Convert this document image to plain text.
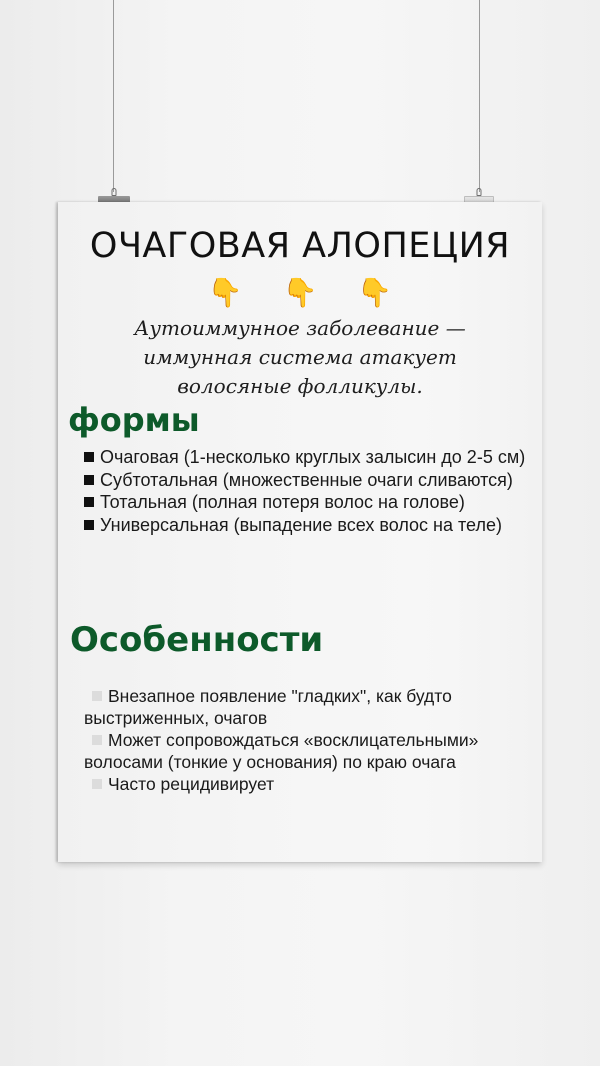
ОЧАГОВАЯ АЛОПЕЦИЯ
👇 👇 👇
Аутоиммунное заболевание —
иммунная система атакует
волосяные фолликулы.
формы

Очаговая (1-несколько круглых залысин до 2-5 см)

Субтотальная (множественные очаги сливаются)

Тотальная (полная потеря волос на голове)

Универсальная (выпадение всех волос на теле)

Особенности

Внезапное появление "гладких", как будто выстриженных, очагов

Может сопровождаться «восклицательными» волосами (тонкие у основания) по краю очага

Часто рецидивирует
